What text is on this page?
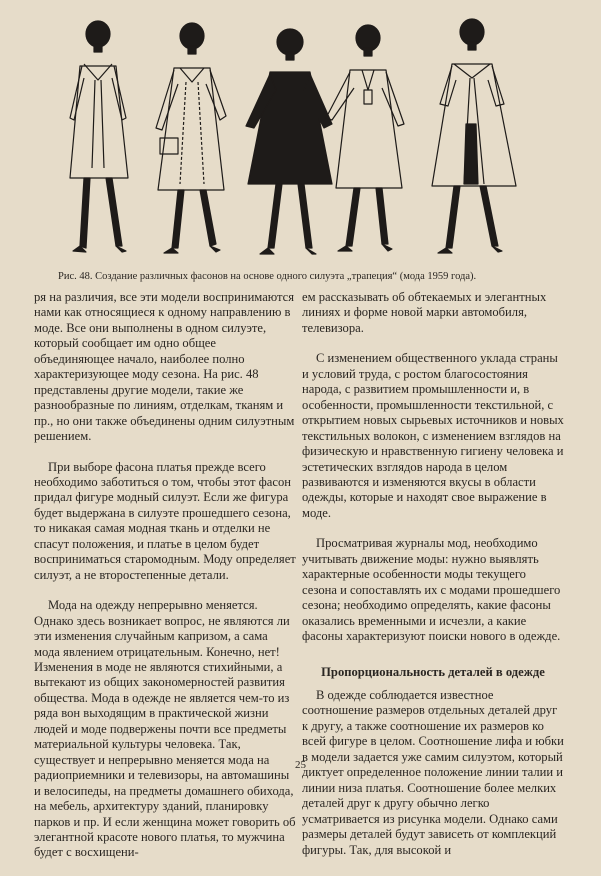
Рис. 48. Создание различных фасонов на основе одного силуэта „трапеция“ (мода 1959 года).

ря на различия, все эти модели воспринимаются нами как относящиеся к одному направлению в моде. Все они выполнены в одном силуэте, который сообщает им одно общее объединяющее начало, наиболее полно характеризующее моду сезона. На рис. 48 представлены другие модели, такие же разнообразные по линиям, отделкам, тканям и пр., но они также объединены одним силуэтным решением.

При выборе фасона платья прежде всего необходимо заботиться о том, чтобы этот фасон придал фигуре модный силуэт. Если же фигура будет выдержана в силуэте прошедшего сезона, то никакая самая модная ткань и отделки не спасут положения, и платье в целом будет восприниматься старомодным. Моду определяет силуэт, а не второстепенные детали.

Мода на одежду непрерывно меняется. Однако здесь возникает вопрос, не являются ли эти изменения случайным капризом, а сама мода явлением отрицательным. Конечно, нет! Изменения в моде не являются стихийными, а вытекают из общих закономерностей развития общества. Мода в одежде не является чем-то из ряда вон выходящим в практической жизни людей и моде подвержены почти все предметы материальной культуры человека. Так, существует и непрерывно меняется мода на радиоприемники и телевизоры, на автомашины и велосипеды, на предметы домашнего обихода, на мебель, архитектуру зданий, планировку парков и пр. И если женщина может говорить об элегантной красоте нового платья, то мужчина будет с восхищени-

ем рассказывать об обтекаемых и элегантных линиях и форме новой марки автомобиля, телевизора.

С изменением общественного уклада страны и условий труда, с ростом благосостояния народа, с развитием промышленности и, в особенности, промышленности текстильной, с открытием новых сырьевых источников и новых текстильных волокон, с изменением взглядов на физическую и нравственную гигиену человека и эстетических взглядов народа в целом развиваются и изменяются вкусы в области одежды, которые и находят свое выражение в моде.

Просматривая журналы мод, необходимо учитывать движение моды: нужно выявлять характерные особенности моды текущего сезона и сопоставлять их с модами прошедшего сезона; необходимо определять, какие фасоны оказались временными и исчезли, а какие фасоны характеризуют поиски нового в одежде.

Пропорциональность деталей в одежде

В одежде соблюдается известное соотношение размеров отдельных деталей друг к другу, а также соотношение их размеров ко всей фигуре в целом. Соотношение лифа и юбки в модели задается уже самим силуэтом, который диктует определенное положение линии талии и линии низа платья. Соотношение более мелких деталей друг к другу обычно легко усматривается из рисунка модели. Однако сами размеры деталей будут зависеть от комплекций фигуры. Так, для высокой и

25
